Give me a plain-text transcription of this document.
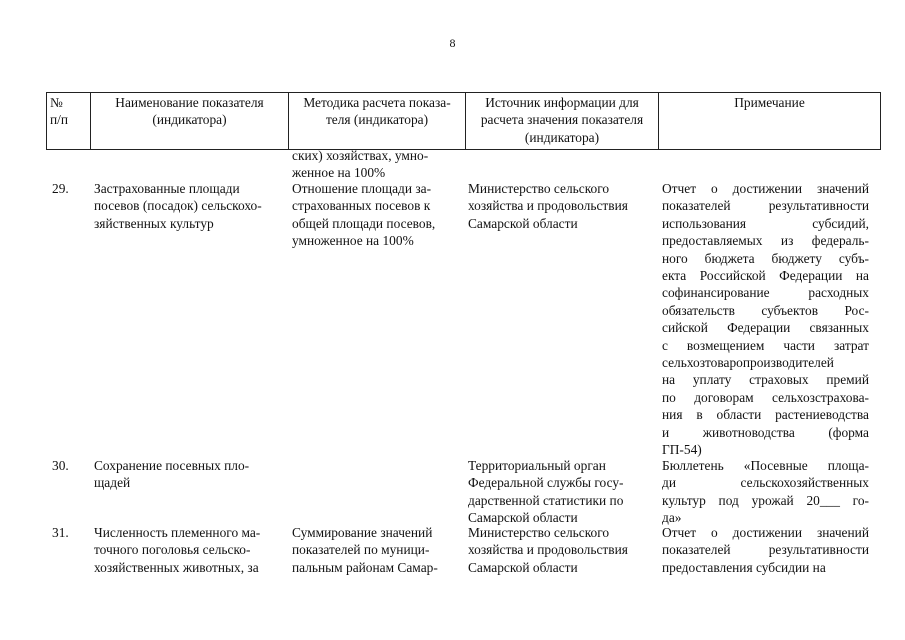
8
№
п/п
Наименование показателя
(индикатора)
Методика расчета показа-
теля (индикатора)
Источник информации для
расчета значения показателя
(индикатора)
Примечание
ских) хозяйствах, умно-
женное на 100%
29. Застрахованные площади
посевов (посадок) сельскохо-
зяйственных культур
Отношение площади за-
страхованных посевов к
общей площади посевов,
умноженное на 100%
Министерство сельского
хозяйства и продовольствия
Самарской области
Отчет о достижении значений
показателей результативности
использования субсидий,
предоставляемых из федераль-
ного бюджета бюджету субъ-
екта Российской Федерации на
софинансирование расходных
обязательств субъектов Рос-
сийской Федерации связанных
с возмещением части затрат
сельхозтоваропроизводителей
на уплату страховых премий
по договорам сельхозстрахова-
ния в области растениеводства
и животноводства (форма
ГП-54)
30. Сохранение посевных пло-
щадей
Территориальный орган
Федеральной службы госу-
дарственной статистики по
Самарской области
Бюллетень «Посевные площа-
ди сельскохозяйственных
культур под урожай 20___ го-
да»
31. Численность племенного ма-
точного поголовья сельско-
хозяйственных животных, за
Суммирование значений
показателей по муници-
пальным районам Самар-
Министерство сельского
хозяйства и продовольствия
Самарской области
Отчет о достижении значений
показателей результативности
предоставления субсидии на
